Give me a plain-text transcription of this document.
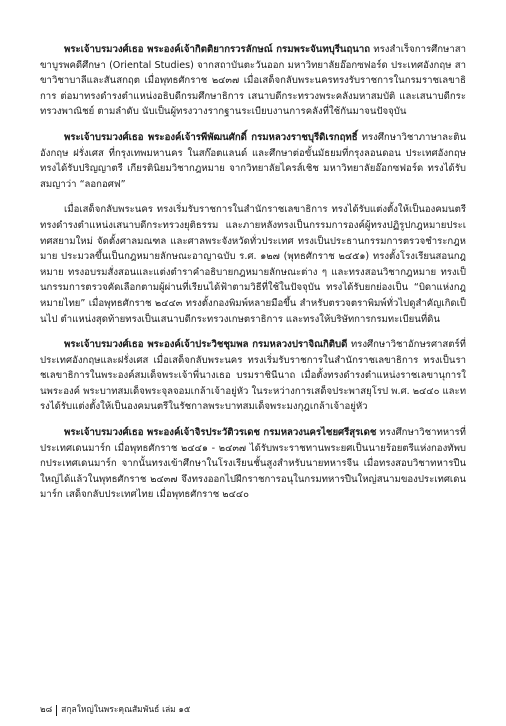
พระเจ้าบรมวงศ์เธอ พระองค์เจ้ากิตติยากรวรลักษณ์ กรมพระจันทบุรีนฤนาถ ทรงสำเร็จการศึกษาสาขาบูรพคดีศึกษา (Oriental Studies) จากสถาบันตะวันออก มหาวิทยาลัยอ๊อกซฟอร์ด ประเทศอังกฤษ สาขาวิชาบาลีและสันสกฤต เมื่อพุทธศักราช ๒๔๓๗ เมื่อเสด็จกลับพระนครทรงรับราชการในกรมราชเลขาธิการ ต่อมาทรงดำรงตำแหน่งอธิบดีกรมศึกษาธิการ เสนาบดีกระทรวงพระคลังมหาสมบัติ และเสนาบดีกระทรวงพาณิชย์ ตามลำดับ นับเป็นผู้ทรงวางรากฐานระเบียบงานการคลังที่ใช้กันมาจนปัจจุบัน

พระเจ้าบรมวงศ์เธอ พระองค์เจ้ารพีพัฒนศักดิ์ กรมหลวงราชบุรีดิเรกฤทธิ์ ทรงศึกษาวิชาภาษาละติน อังกฤษ ฝรั่งเศส ที่กรุงเทพมหานคร ในสก๊อตแลนด์ และศึกษาต่อขั้นมัธยมที่กรุงลอนดอน ประเทศอังกฤษ ทรงได้รับปริญญาตรี เกียรตินิยมวิชากฎหมาย จากวิทยาลัยไครส์เชิช มหาวิทยาลัยอ๊อกซฟอร์ด ทรงได้รับสมญาว่า “ลอกอศฟ”

เมื่อเสด็จกลับพระนคร ทรงเริ่มรับราชการในสำนักราชเลขาธิการ ทรงได้รับแต่งตั้งให้เป็นองคมนตรี ทรงดำรงตำแหน่งเสนาบดีกระทรวงยุติธรรม และภายหลังทรงเป็นกรรมการองค์ผู้ทรงปฏิรูปกฎหมายประเทศสยามใหม่ จัดตั้งศาลมณฑล และศาลพระจังหวัดทั่วประเทศ ทรงเป็นประธานกรรมการตรวจชำระกฎหมาย ประมวลขึ้นเป็นกฎหมายลักษณะอาญาฉบับ ร.ศ. ๑๒๗ (พุทธศักราช ๒๔๕๑) ทรงตั้งโรงเรียนสอนกฎหมาย ทรงอบรมสั่งสอนและแต่งตำราคำอธิบายกฎหมายลักษณะต่าง ๆ และทรงสอนวิชากฎหมาย ทรงเป็นกรรมการตรวจคัดเลือกตามผู้ผ่านที่เรียนได้ฟ้าตามวิธีที่ใช้ในปัจจุบัน ทรงได้รับยกย่องเป็น “บิดาแห่งกฎหมายไทย” เมื่อพุทธศักราช ๒๔๔๓ ทรงตั้งกองพิมพ์หลายมือขึ้น สำหรับตรวจตราพิมพ์ทั่วไปดูสำคัญเกิดเป็นไป ตำแหน่งสุดท้ายทรงเป็นเสนาบดีกระทรวงเกษตราธิการ และทรงให้บริษัทการกรมทะเบียนที่ดิน

พระเจ้าบรมวงศ์เธอ พระองค์เจ้าประวิชชุมพล กรมหลวงปราจิณกิติบดี ทรงศึกษาวิชาอักษรศาสตร์ที่ประเทศอังกฤษและฝรั่งเศส เมื่อเสด็จกลับพระนคร ทรงเริ่มรับราชการในสำนักราชเลขาธิการ ทรงเป็นราชเลขาธิการในพระองค์สมเด็จพระเจ้าพี่นางเธอ บรมราชินีนาถ เมื่อตั้งทรงดำรงตำแหน่งราชเลขานุการในพระองค์ พระบาทสมเด็จพระจุลจอมเกล้าเจ้าอยู่หัว ในระหว่างการเสด็จประพาสยุโรป พ.ศ. ๒๔๔๐ และทรงได้รับแต่งตั้งให้เป็นองคมนตรีในรัชกาลพระบาทสมเด็จพระมงกุฎเกล้าเจ้าอยู่หัว

พระเจ้าบรมวงศ์เธอ พระองค์เจ้าจิรประวัติวรเดช กรมหลวงนครไชยศรีสุรเดช ทรงศึกษาวิชาทหารที่ประเทศเดนมาร์ก เมื่อพุทธศักราช ๒๔๔๑ - ๒๔๓๗ ได้รับพระราชทานพระยศเป็นนายร้อยตรีแห่งกองทัพบกประเทศเดนมาร์ก จากนั้นทรงเข้าศึกษาในโรงเรียนชั้นสูงสำหรับนายทหารจีน เมื่อทรงสอบวิชาทหารปืนใหญ่ได้แล้วในพุทธศักราช ๒๔๓๗ จึงทรงออกไปฝึกราชการอนุในกรมทหารปืนใหญ่สนามของประเทศเดนมาร์ก เสด็จกลับประเทศไทย เมื่อพุทธศักราช ๒๔๔๐

๒๘ สกุลใหญ่ในพระคุณสัมพันธ์ เล่ม ๑๕
